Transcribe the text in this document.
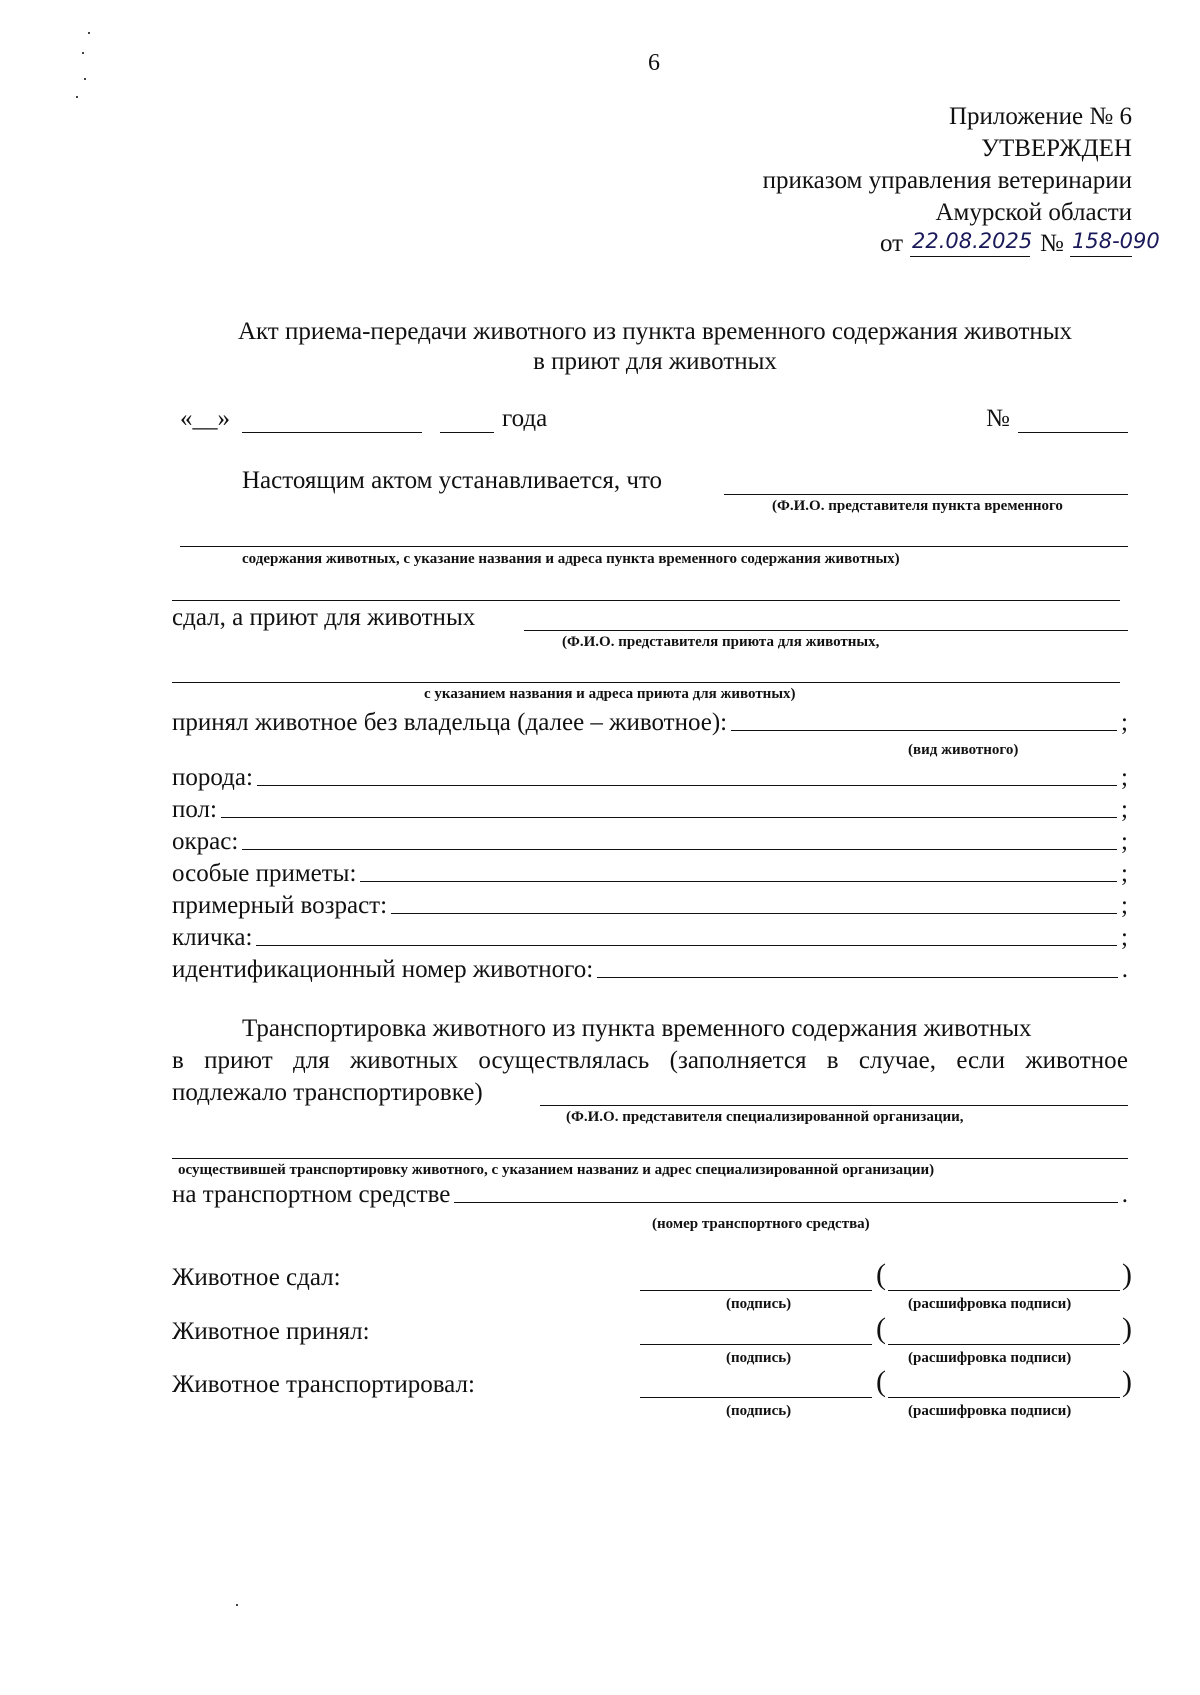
6
Приложение № 6
УТВЕРЖДЕН
приказом управления ветеринарии
Амурской области
от 22.08.2025 № 158-090
Акт приема-передачи животного из пункта временного содержания животных
в приют для животных
«__»	года	№
Настоящим актом устанавливается, что
(Ф.И.О. представителя пункта временного
содержания животных, с указание названия и адреса пункта временного содержания животных)
сдал, а приют для животных
(Ф.И.О. представителя приюта для животных,
с указанием названия и адреса приюта для животных)
принял животное без владельца (далее – животное):	;
(вид животного)
порода:	;
пол:	;
окрас:	;
особые приметы:	;
примерный возраст:	;
кличка:	;
идентификационный номер животного:	.
Транспортировка животного из пункта временного содержания животных
в приют для животных осуществлялась (заполняется в случае, если животное
подлежало транспортировке)
(Ф.И.О. представителя специализированной организации,
осуществившей транспортировку животного, с указанием названиz и адрес специализированной организации)
на транспортном средстве	.
(номер транспортного средства)
Животное сдал:	(	)
(подпись)	(расшифровка подписи)
Животное принял:	(	)
(подпись)	(расшифровка подписи)
Животное транспортировал:	(	)
(подпись)	(расшифровка подписи)
